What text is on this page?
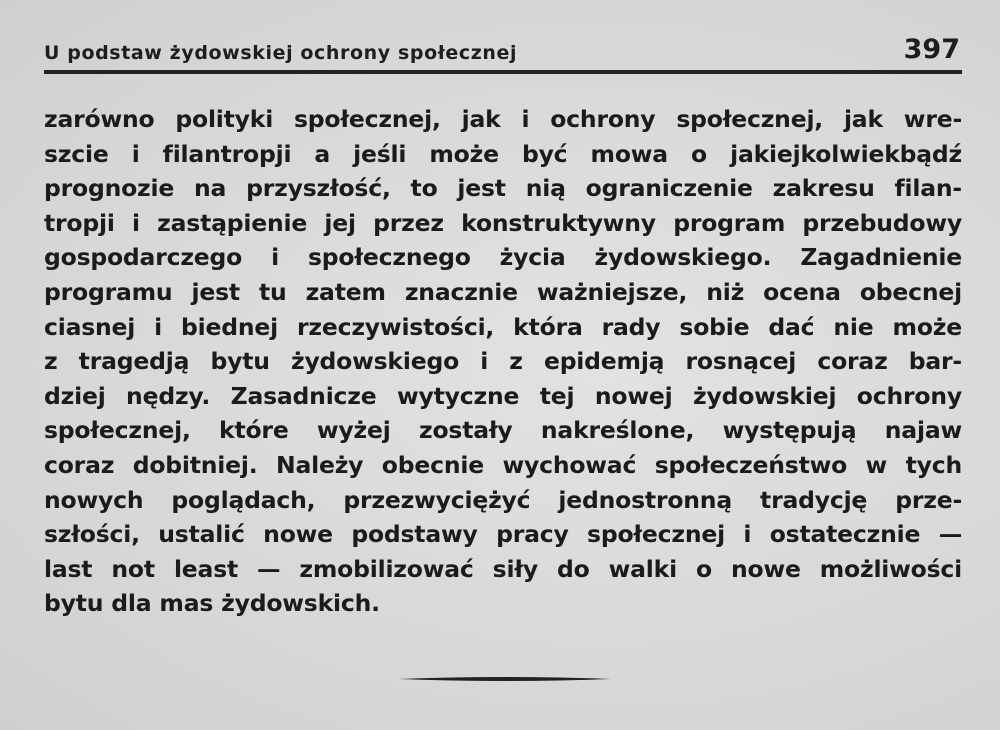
U podstaw żydowskiej ochrony społecznej	397
zarówno polityki społecznej, jak i ochrony społecznej, jak wre-
szcie i filantropji a jeśli może być mowa o jakiejkolwiekbądź
prognozie na przyszłość, to jest nią ograniczenie zakresu filan-
tropji i zastąpienie jej przez konstruktywny program przebudowy
gospodarczego i społecznego życia żydowskiego. Zagadnienie
programu jest tu zatem znacznie ważniejsze, niż ocena obecnej
ciasnej i biednej rzeczywistości, która rady sobie dać nie może
z tragedją bytu żydowskiego i z epidemją rosnącej coraz bar-
dziej nędzy. Zasadnicze wytyczne tej nowej żydowskiej ochrony
społecznej, które wyżej zostały nakreślone, występują najaw
coraz dobitniej. Należy obecnie wychować społeczeństwo w tych
nowych poglądach, przezwyciężyć jednostronną tradycję prze-
szłości, ustalić nowe podstawy pracy społecznej i ostatecznie —
last not least — zmobilizować siły do walki o nowe możliwości
bytu dla mas żydowskich.
